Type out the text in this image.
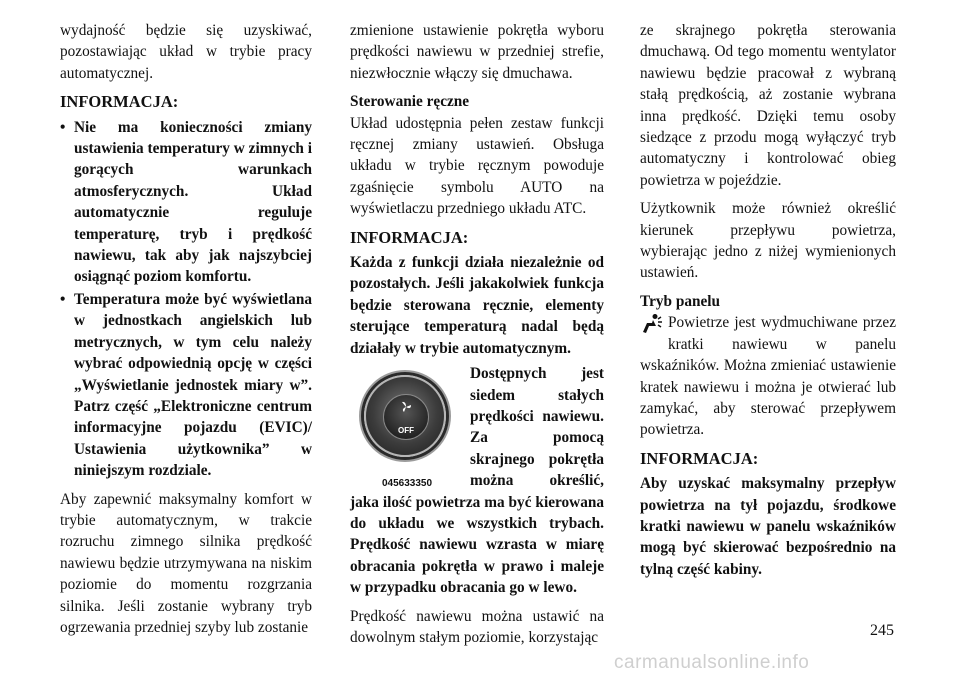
wydajność będzie się uzyskiwać, pozostawiając układ w trybie pracy automatycznej.

INFORMACJA:
• Nie ma konieczności zmiany ustawienia temperatury w zimnych i gorących warunkach atmosferycznych. Układ automatycznie reguluje temperaturę, tryb i prędkość nawiewu, tak aby jak najszybciej osiągnąć poziom komfortu.
• Temperatura może być wyświetlana w jednostkach angielskich lub metrycznych, w tym celu należy wybrać odpowiednią opcję w części „Wyświetlanie jednostek miary w”. Patrz część „Elektroniczne centrum informacyjne pojazdu (EVIC)/ Ustawienia użytkownika” w niniejszym rozdziale.

Aby zapewnić maksymalny komfort w trybie automatycznym, w trakcie rozruchu zimnego silnika prędkość nawiewu będzie utrzymywana na niskim poziomie do momentu rozgrzania silnika. Jeśli zostanie wybrany tryb ogrzewania przedniej szyby lub zostanie

zmienione ustawienie pokrętła wyboru prędkości nawiewu w przedniej strefie, niezwłocznie włączy się dmuchawa.

Sterowanie ręczne

Układ udostępnia pełen zestaw funkcji ręcznej zmiany ustawień. Obsługa układu w trybie ręcznym powoduje zgaśnięcie symbolu AUTO na wyświetlaczu przedniego układu ATC.

INFORMACJA:

Każda z funkcji działa niezależnie od pozostałych. Jeśli jakakolwiek funkcja będzie sterowana ręcznie, elementy sterujące temperaturą nadal będą działały w trybie automatycznym.

OFF
045633350
Dostępnych jest siedem stałych prędkości nawiewu. Za pomocą skrajnego pokrętła można określić, jaka ilość powietrza ma być kierowana do układu we wszystkich trybach. Prędkość nawiewu wzrasta w miarę obracania pokrętła w prawo i maleje w przypadku obracania go w lewo.

Prędkość nawiewu można ustawić na dowolnym stałym poziomie, korzystając

ze skrajnego pokrętła sterowania dmuchawą. Od tego momentu wentylator nawiewu będzie pracował z wybraną stałą prędkością, aż zostanie wybrana inna prędkość. Dzięki temu osoby siedzące z przodu mogą wyłączyć tryb automatyczny i kontrolować obieg powietrza w pojeździe.

Użytkownik może również określić kierunek przepływu powietrza, wybierając jedno z niżej wymienionych ustawień.

Tryb panelu

Powietrze jest wydmuchiwane przez kratki nawiewu w panelu wskaźników. Można zmieniać ustawienie kratek nawiewu i można je otwierać lub zamykać, aby sterować przepływem powietrza.

INFORMACJA:

Aby uzyskać maksymalny przepływ powietrza na tył pojazdu, środkowe kratki nawiewu w panelu wskaźników mogą być skierować bezpośrednio na tylną część kabiny.

245
carmanualsonline.info
